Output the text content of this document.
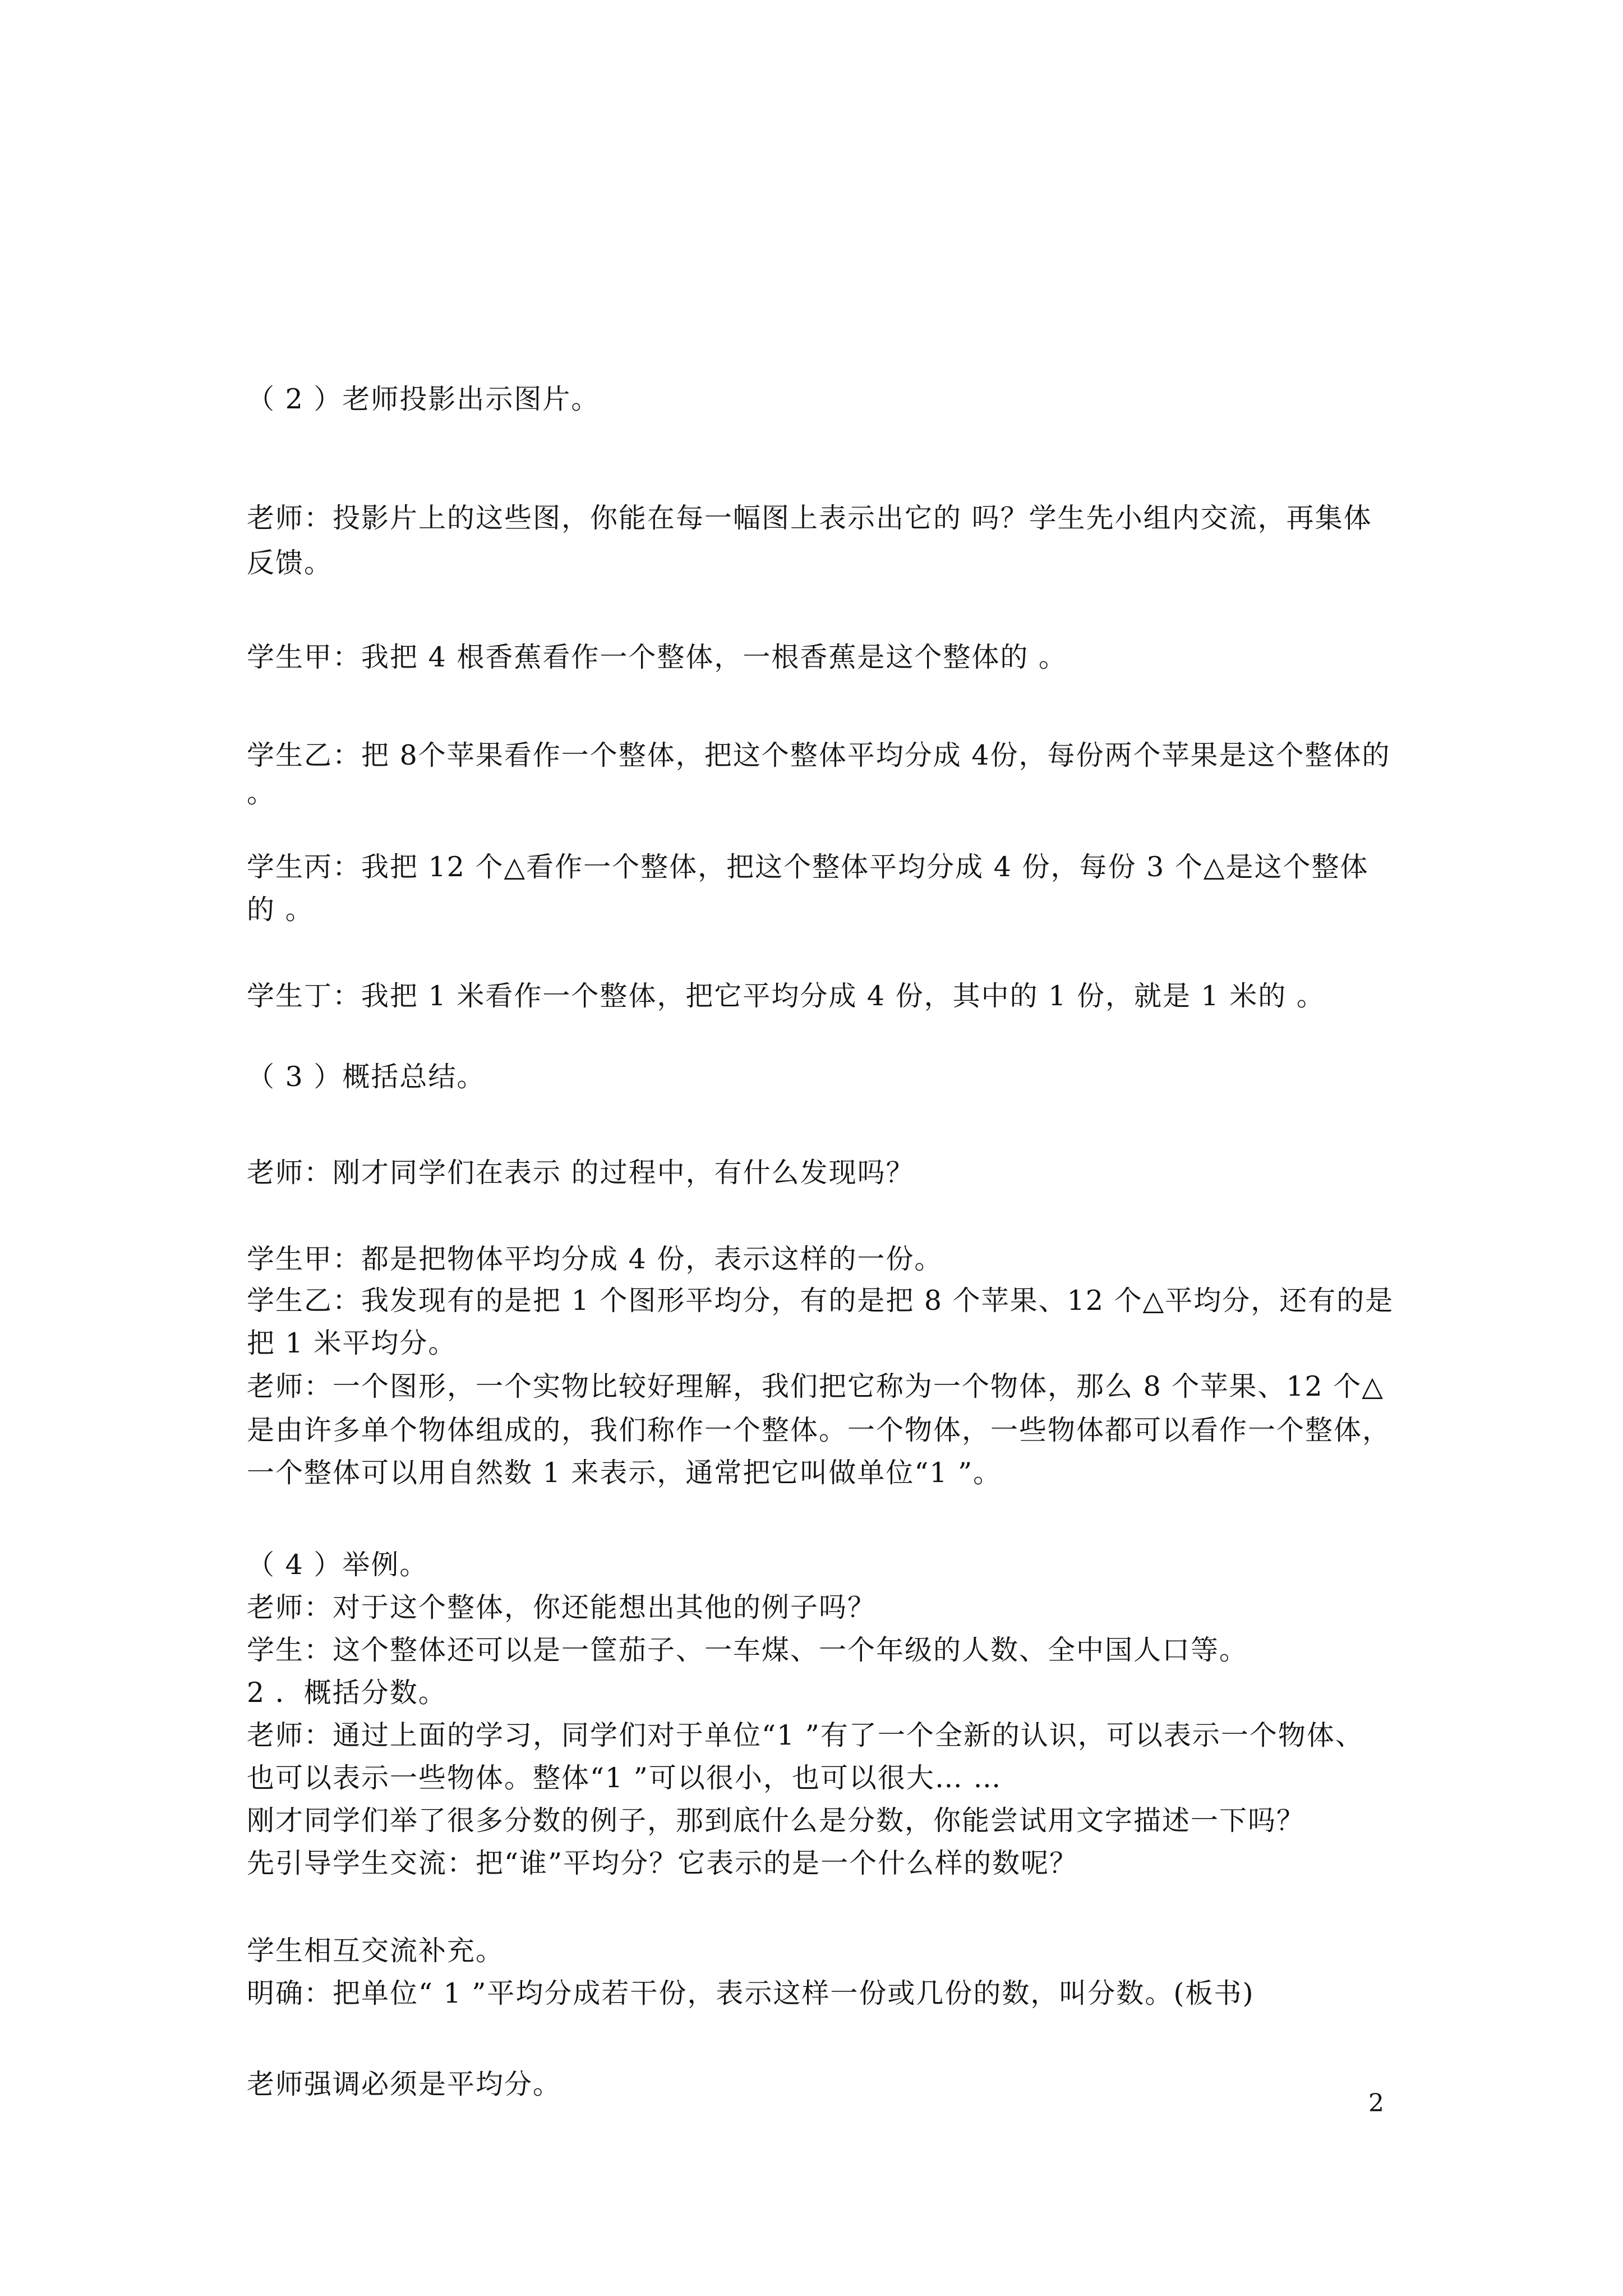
（ 2 ）老师投影出示图片。
老师：投影片上的这些图，你能在每一幅图上表示出它的 吗？学生先小组内交流，再集体
反馈。
学生甲：我把 4 根香蕉看作一个整体，一根香蕉是这个整体的 。
学生乙：把 8个苹果看作一个整体，把这个整体平均分成 4份，每份两个苹果是这个整体的
。
学生丙：我把 12 个△看作一个整体，把这个整体平均分成 4 份，每份 3 个△是这个整体
的 。
学生丁：我把 1 米看作一个整体，把它平均分成 4 份，其中的 1 份，就是 1 米的 。
（ 3 ）概括总结。
老师：刚才同学们在表示 的过程中，有什么发现吗？
学生甲：都是把物体平均分成 4 份，表示这样的一份。
学生乙：我发现有的是把 1 个图形平均分，有的是把 8 个苹果、12 个△平均分，还有的是
把 1 米平均分。
老师：一个图形，一个实物比较好理解，我们把它称为一个物体，那么 8 个苹果、12 个△
是由许多单个物体组成的，我们称作一个整体。一个物体，一些物体都可以看作一个整体，
一个整体可以用自然数 1 来表示，通常把它叫做单位“1 ”。
（ 4 ）举例。
老师：对于这个整体，你还能想出其他的例子吗？
学生：这个整体还可以是一筐茄子、一车煤、一个年级的人数、全中国人口等。
2 ．概括分数。
老师：通过上面的学习，同学们对于单位“1 ”有了一个全新的认识，可以表示一个物体、
也可以表示一些物体。整体“1 ”可以很小，也可以很大… …
刚才同学们举了很多分数的例子，那到底什么是分数，你能尝试用文字描述一下吗？
先引导学生交流：把“谁”平均分？它表示的是一个什么样的数呢？
学生相互交流补充。
明确：把单位“ 1 ”平均分成若干份，表示这样一份或几份的数，叫分数。(板书)
老师强调必须是平均分。
2
